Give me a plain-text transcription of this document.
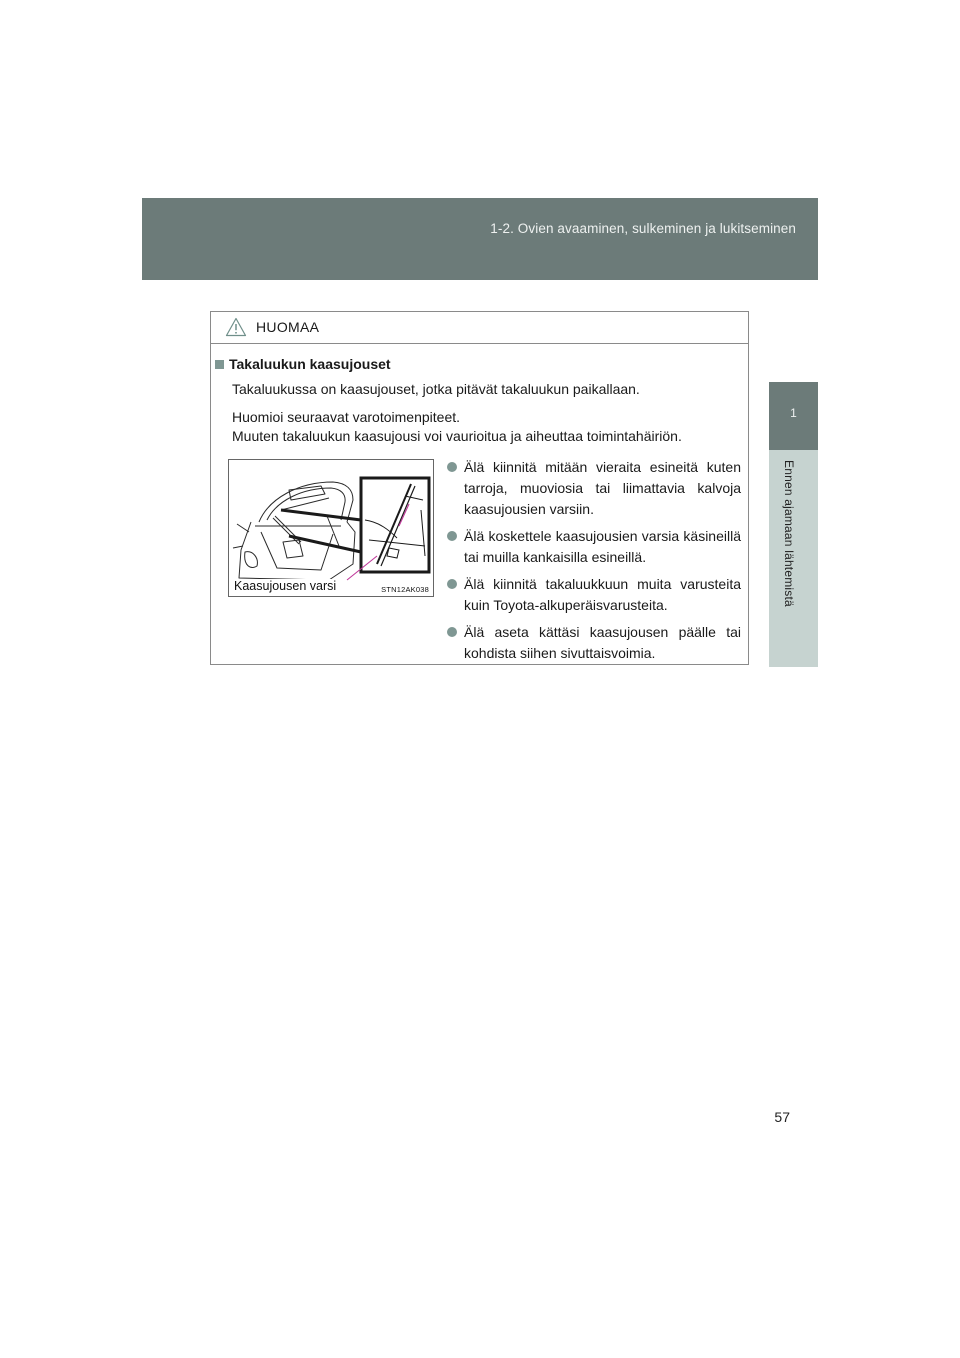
1-2. Ovien avaaminen, sulkeminen ja lukitseminen
1
Ennen ajamaan lähtemistä
HUOMAA
Takaluukun kaasujouset
Takaluukussa on kaasujouset, jotka pitävät takaluukun paikallaan.
Huomioi seuraavat varotoimenpiteet.
Muuten takaluukun kaasujousi voi vaurioitua ja aiheuttaa toimintahäiriön.
Kaasujousen varsi	STN12AK038
Älä kiinnitä mitään vieraita esineitä kuten tarroja, muoviosia tai liimattavia kalvoja kaasujousien varsiin.
Älä koskettele kaasujousien varsia käsineillä tai muilla kankaisilla esineillä.
Älä kiinnitä takaluukkuun muita varusteita kuin Toyota-alkuperäisvarusteita.
Älä aseta kättäsi kaasujousen päälle tai kohdista siihen sivuttaisvoimia.
57
